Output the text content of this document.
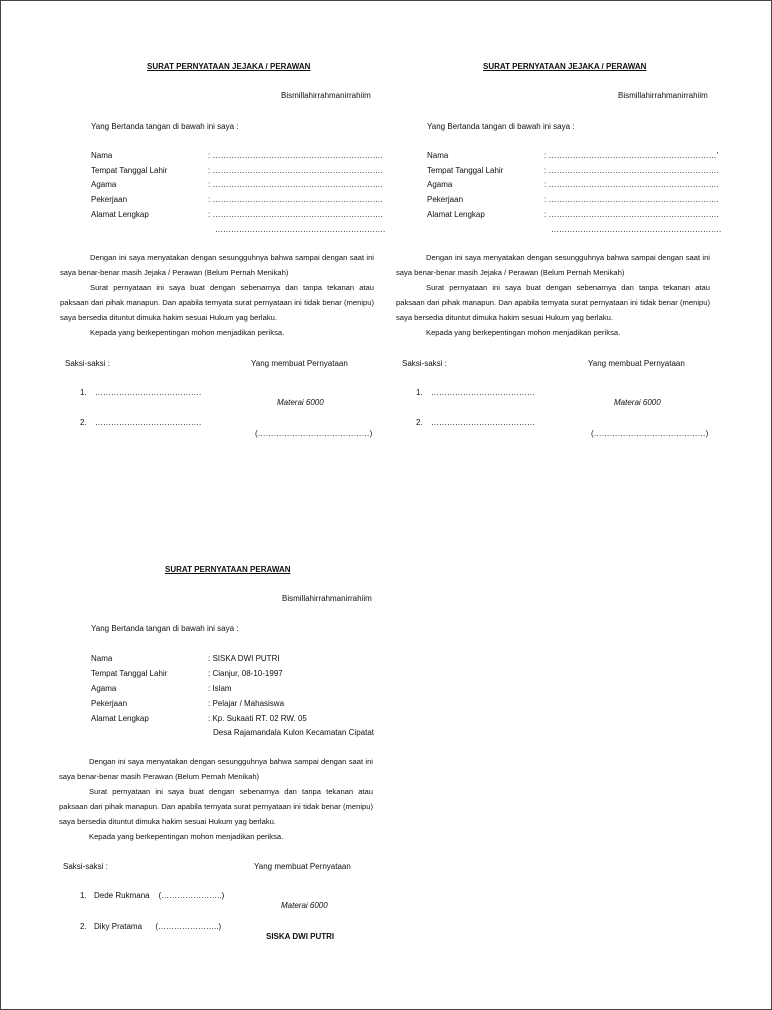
SURAT PERNYATAAN JEJAKA / PERAWAN
Bismillahirrahmanirrahiim
Yang Bertanda tangan di bawah ini saya :
Nama	: ……………………………………………………….
Tempat Tanggal Lahir	: ……………………………………………………….
Agama	: ……………………………………………………….
Pekerjaan	: ……………………………………………………….
Alamat Lengkap	: ……………………………………………………….
……………………………………………………….

Dengan ini saya menyatakan dengan sesungguhnya bahwa sampai dengan saat ini saya benar-benar masih Jejaka / Perawan (Belum Pernah Menikah)

Surat pernyataan ini saya buat dengan sebenarnya dan tanpa tekanan atau paksaan dari pihak manapun. Dan apabila ternyata surat pernyataan ini tidak benar (menipu) saya bersedia dituntut dimuka hakim sesuai Hukum yag berlaku.

Kepada yang berkepentingan mohon menjadikan periksa.

Saksi-saksi :	Yang membuat Pernyataan
1. ………………………………….
Materai 6000
2. ………………………………….
(……………………………………)
SURAT PERNYATAAN JEJAKA / PERAWAN
Bismillahirrahmanirrahiim
Yang Bertanda tangan di bawah ini saya :
Nama	: ………………………………………………………’
Tempat Tanggal Lahir	: ……………………………………………………….
Agama	: ……………………………………………………….
Pekerjaan	: ……………………………………………………….
Alamat Lengkap	: ……………………………………………………….
……………………………………………………….

Dengan ini saya menyatakan dengan sesungguhnya bahwa sampai dengan saat ini saya benar-benar masih Jejaka / Perawan (Belum Pernah Menikah)

Surat pernyataan ini saya buat dengan sebenarnya dan tanpa tekanan atau paksaan dari pihak manapun. Dan apabila ternyata surat pernyataan ini tidak benar (menipu) saya bersedia dituntut dimuka hakim sesuai Hukum yag berlaku.

Kepada yang berkepentingan mohon menjadikan periksa.

Saksi-saksi :	Yang membuat Pernyataan
1. …………………………………
Materai 6000
2. …………………………………
(……………………………………)
SURAT PERNYATAAN PERAWAN
Bismillahirrahmanirrahiim
Yang Bertanda tangan di bawah ini saya :
Nama	: SISKA DWI PUTRI
Tempat Tanggal Lahir	: Cianjur, 08-10-1997
Agama	: Islam
Pekerjaan	: Pelajar / Mahasiswa
Alamat Lengkap	: Kp. Sukaati RT. 02 RW. 05
Desa Rajamandala Kulon Kecamatan Cipatat

Dengan ini saya menyatakan dengan sesungguhnya bahwa sampai dengan saat ini saya benar-benar masih Perawan (Belum Pernah Menikah)

Surat pernyataan ini saya buat dengan sebenarnya dan tanpa tekanan atau paksaan dari pihak manapun. Dan apabila ternyata surat pernyataan ini tidak benar (menipu) saya bersedia dituntut dimuka hakim sesuai Hukum yag berlaku.

Kepada yang berkepentingan mohon menjadikan periksa.

Saksi-saksi :	Yang membuat Pernyataan
1. Dede Rukmana    (…………………..)
Materai 6000
2. Diky Pratama      (…………………..)
SISKA DWI PUTRI
